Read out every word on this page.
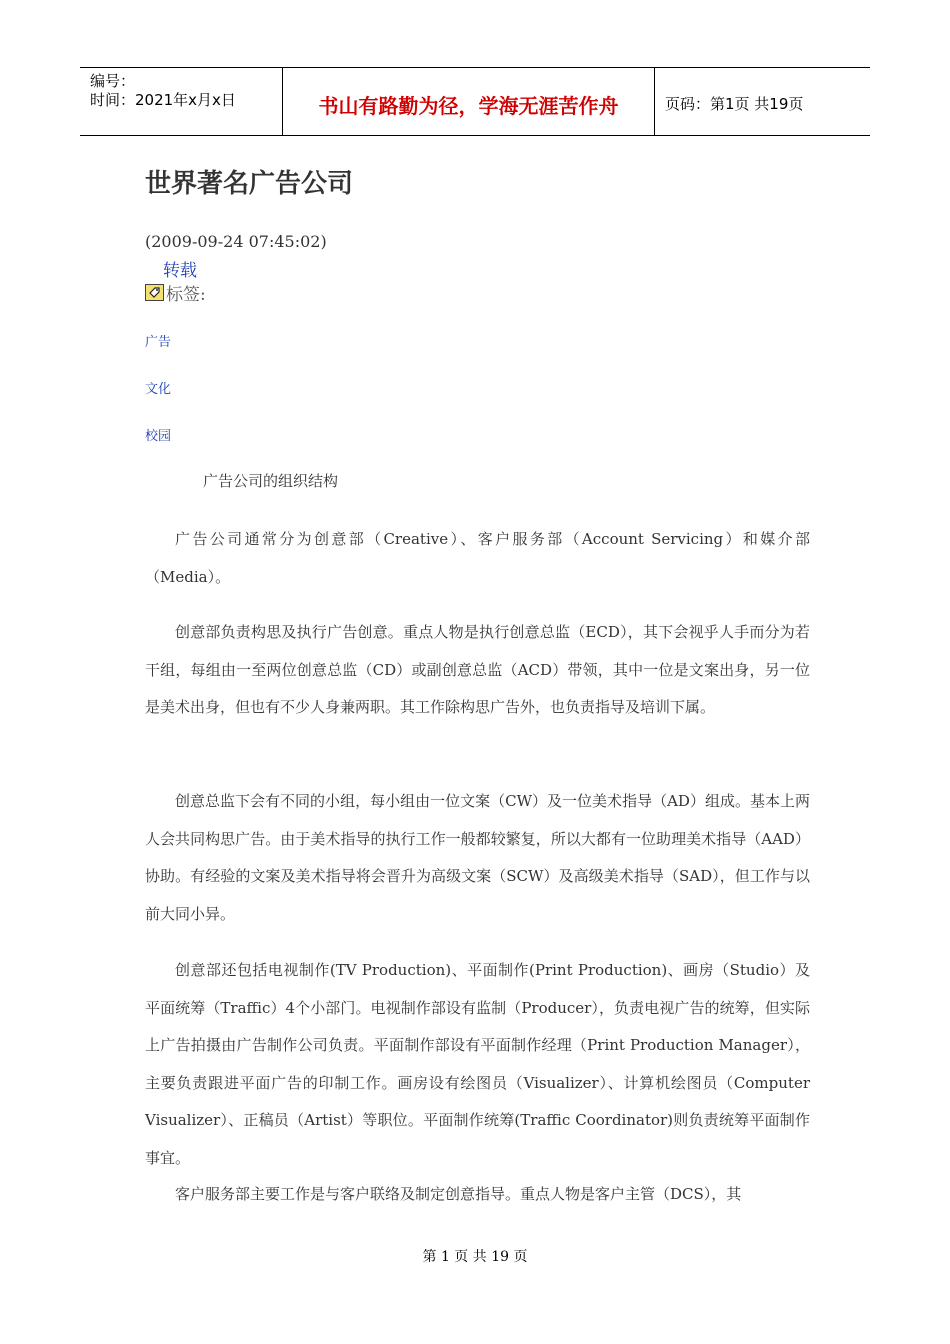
编号：
时间：2021年x月x日	书山有路勤为径，学海无涯苦作舟	页码：第1页 共19页
世界著名广告公司
(2009-09-24 07:45:02)
转载
标签:
广告
文化
校园
广告公司的组织结构

广告公司通常分为创意部（Creative）、客户服务部（Account Servicing）和媒介部（Media）。

创意部负责构思及执行广告创意。重点人物是执行创意总监（ECD），其下会视乎人手而分为若干组，每组由一至两位创意总监（CD）或副创意总监（ACD）带领，其中一位是文案出身，另一位是美术出身，但也有不少人身兼两职。其工作除构思广告外，也负责指导及培训下属。

创意总监下会有不同的小组，每小组由一位文案（CW）及一位美术指导（AD）组成。基本上两人会共同构思广告。由于美术指导的执行工作一般都较繁复，所以大都有一位助理美术指导（AAD）协助。有经验的文案及美术指导将会晋升为高级文案（SCW）及高级美术指导（SAD），但工作与以前大同小异。

创意部还包括电视制作(TV Production)、平面制作(Print Production)、画房（Studio）及平面统筹（Traffic）4个小部门。电视制作部设有监制（Producer），负责电视广告的统筹，但实际上广告拍摄由广告制作公司负责。平面制作部设有平面制作经理（Print Production Manager），主要负责跟进平面广告的印制工作。画房设有绘图员（Visualizer）、计算机绘图员（Computer Visualizer）、正稿员（Artist）等职位。平面制作统筹(Traffic Coordinator)则负责统筹平面制作事宜。

客户服务部主要工作是与客户联络及制定创意指导。重点人物是客户主管（DCS），其

第 1 页 共 19 页
